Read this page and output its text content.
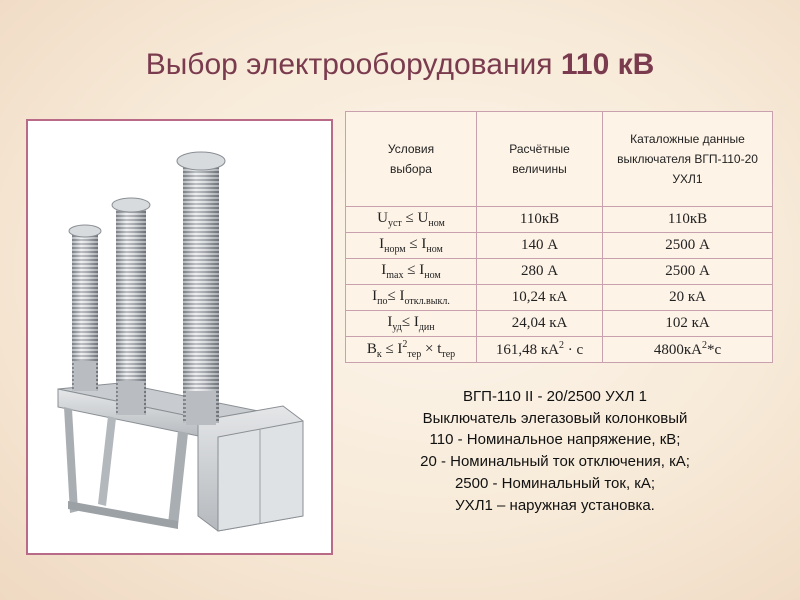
Выбор электрооборудования 110 кВ
Условия выбора	Расчётные величины	Каталожные данные выключателя ВГП-110-20 УХЛ1

$U_{уст} \le U_{ном}$	110кВ	110кВ
$I_{норм} \le I_{ном}$	140 А	2500 А
$I_{max} \le I_{ном}$	280 А	2500 А
$I_{по}\le I_{откл.выкл.}$	10,24 кА	20 кА
$I_{уд}\le I_{дин}$	24,04 кА	102 кА
$B_к \le I^2_{тер} \times t_{тер}$	161,48 $кА^2 \cdot с$	$4800кА^2*с$
ВГП-110 II - 20/2500 УХЛ 1
Выключатель элегазовый колонковый
110 - Номинальное напряжение, кВ;
20 - Номинальный ток отключения, кА;
2500 - Номинальный ток, кА;
УХЛ1 – наружная установка.
